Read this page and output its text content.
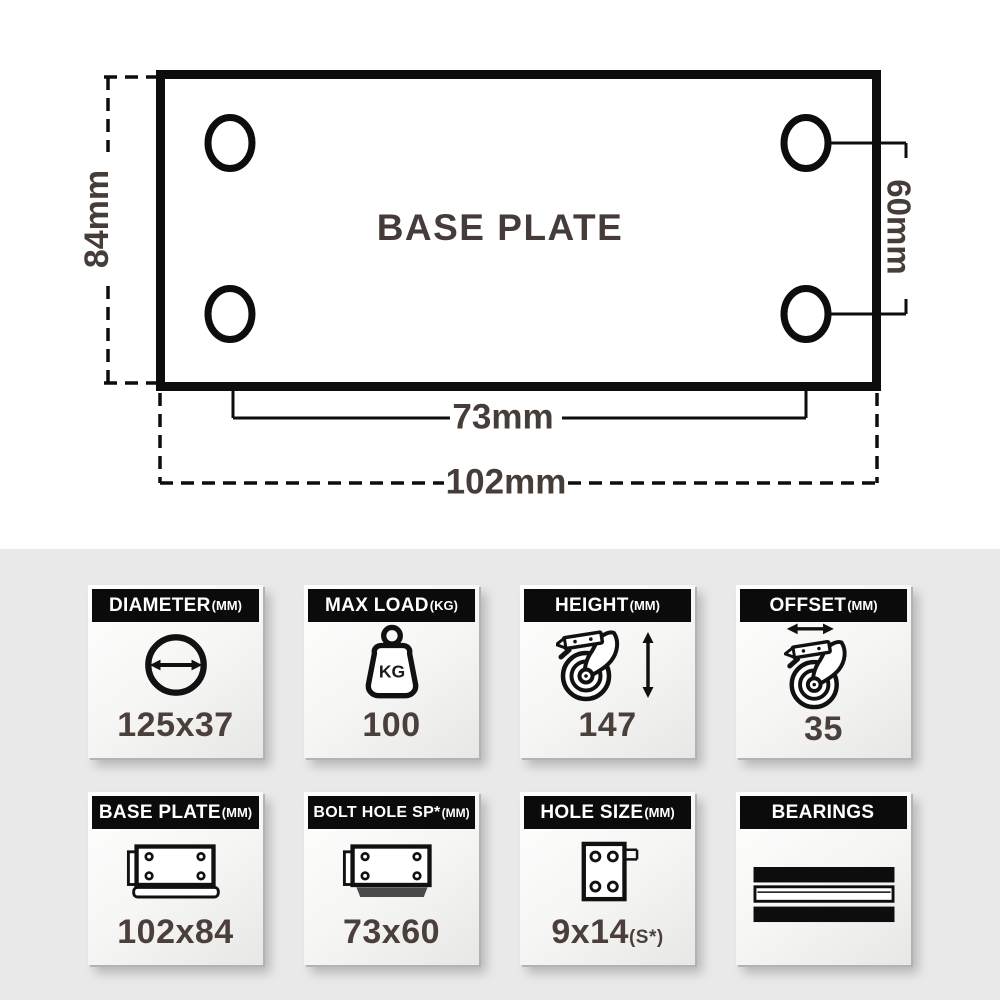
BASE PLATE
84mm	60mm
73mm
102mm
DIAMETER (MM)
125x37
MAX LOAD (KG)
KG
100
HEIGHT (MM)
147
OFFSET (MM)
35
BASE PLATE (MM)
102x84
BOLT HOLE SP* (MM)
73x60
HOLE SIZE (MM)
9x14(S*)
BEARINGS
